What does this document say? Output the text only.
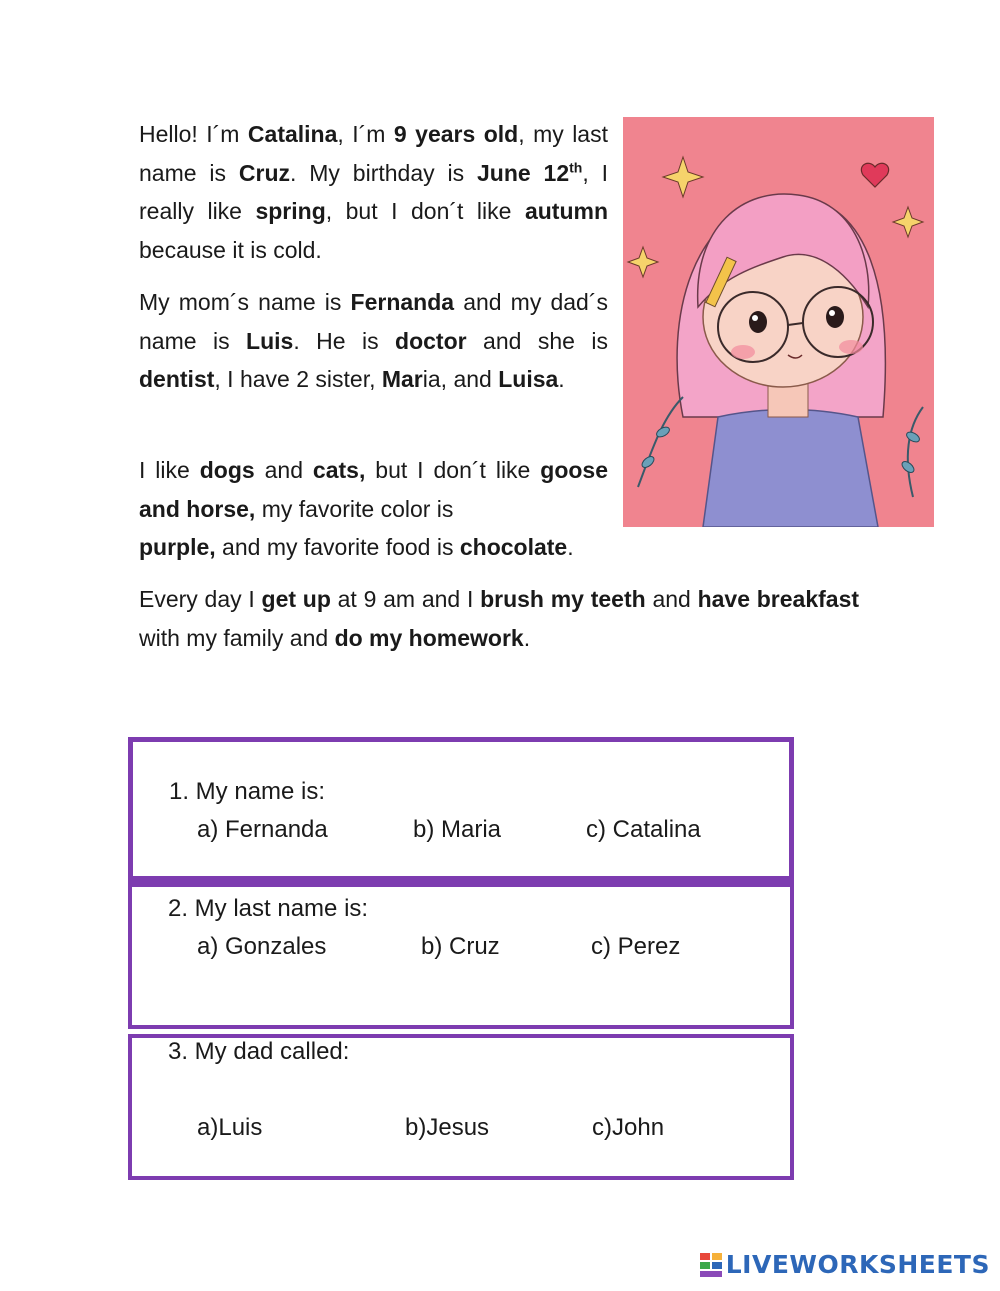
Hello! I´m Catalina, I´m 9 years old, my last name is Cruz. My birthday is June 12th, I really like spring, but I don´t like autumn because it is cold.
My mom´s name is Fernanda and my dad´s name is Luis. He is doctor and she is dentist, I have 2 sister, Maria, and Luisa.
I like dogs and cats, but I don´t like goose and horse, my favorite color is
purple, and my favorite food is chocolate.
Every day I get up at 9 am and I brush my teeth and have breakfast with my family and do my homework.
1. My name is:
a) Fernanda	b) Maria	c) Catalina
2. My last name is:
a) Gonzales	b) Cruz	c) Perez
3. My dad called:
a)Luis	b)Jesus	c)John
LIVEWORKSHEETS
